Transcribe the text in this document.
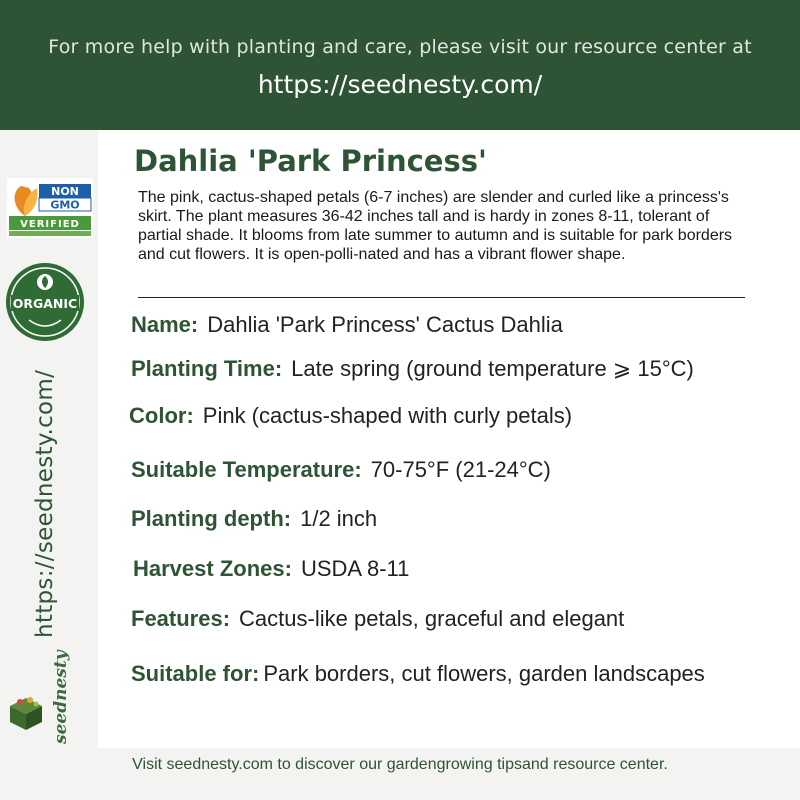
For more help with planting and care, please visit our resource center at
https://seednesty.com/
NON
GMO
VERIFIED
ORGANIC
https://seednesty.com/
seednesty
Dahlia 'Park Princess'
The pink, cactus-shaped petals (6-7 inches) are slender and curled like a princess's skirt. The plant measures 36-42 inches tall and is hardy in zones 8-11, tolerant of partial shade. It blooms from late summer to autumn and is suitable for park borders and cut flowers. It is open-polli-nated and has a vibrant flower shape.
Name: Dahlia 'Park Princess' Cactus Dahlia
Planting Time: Late spring (ground temperature ⩾ 15°C)
Color: Pink (cactus-shaped with curly petals)
Suitable Temperature: 70-75°F (21-24°C)
Planting depth: 1/2 inch
Harvest Zones: USDA 8-11
Features: Cactus-like petals, graceful and elegant
Suitable for: Park borders, cut flowers, garden landscapes
Visit seednesty.com to discover our gardengrowing tipsand resource center.
